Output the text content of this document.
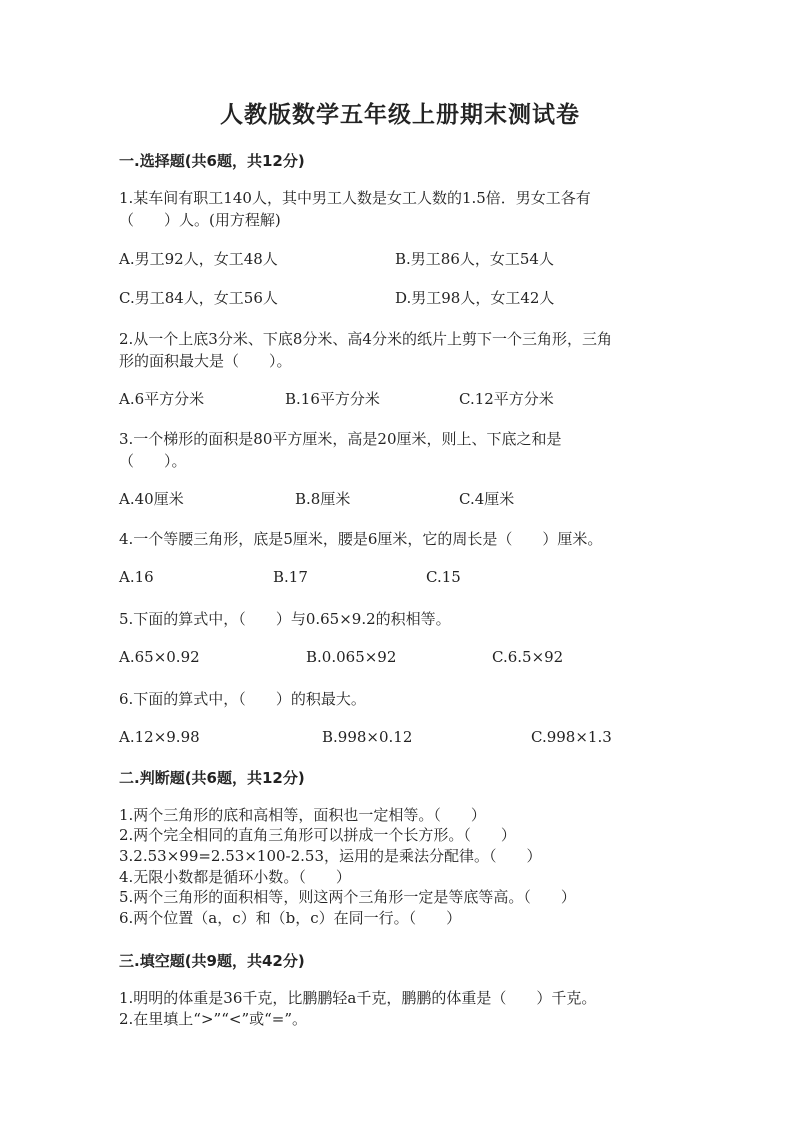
人教版数学五年级上册期末测试卷
一.选择题(共6题，共12分)
1.某车间有职工140人，其中男工人数是女工人数的1.5倍．男女工各有
（　　）人。(用方程解)
A.男工92人，女工48人	B.男工86人，女工54人
C.男工84人，女工56人	D.男工98人，女工42人
2.从一个上底3分米、下底8分米、高4分米的纸片上剪下一个三角形，三角
形的面积最大是（　　）。
A.6平方分米	B.16平方分米	C.12平方分米
3.一个梯形的面积是80平方厘米，高是20厘米，则上、下底之和是
（　　）。
A.40厘米	B.8厘米	C.4厘米
4.一个等腰三角形，底是5厘米，腰是6厘米，它的周长是（　　）厘米。
A.16	B.17	C.15
5.下面的算式中，（　　）与0.65×9.2的积相等。
A.65×0.92	B.0.065×92	C.6.5×92
6.下面的算式中，（　　）的积最大。
A.12×9.98	B.998×0.12	C.998×1.3
二.判断题(共6题，共12分)
1.两个三角形的底和高相等，面积也一定相等。（　　）
2.两个完全相同的直角三角形可以拼成一个长方形。（　　）
3.2.53×99=2.53×100-2.53，运用的是乘法分配律。（　　）
4.无限小数都是循环小数。（　　）
5.两个三角形的面积相等，则这两个三角形一定是等底等高。（　　）
6.两个位置（a，c）和（b，c）在同一行。（　　）
三.填空题(共9题，共42分)
1.明明的体重是36千克，比鹏鹏轻a千克，鹏鹏的体重是（　　）千克。
2.在里填上“>”“<”或“=”。
